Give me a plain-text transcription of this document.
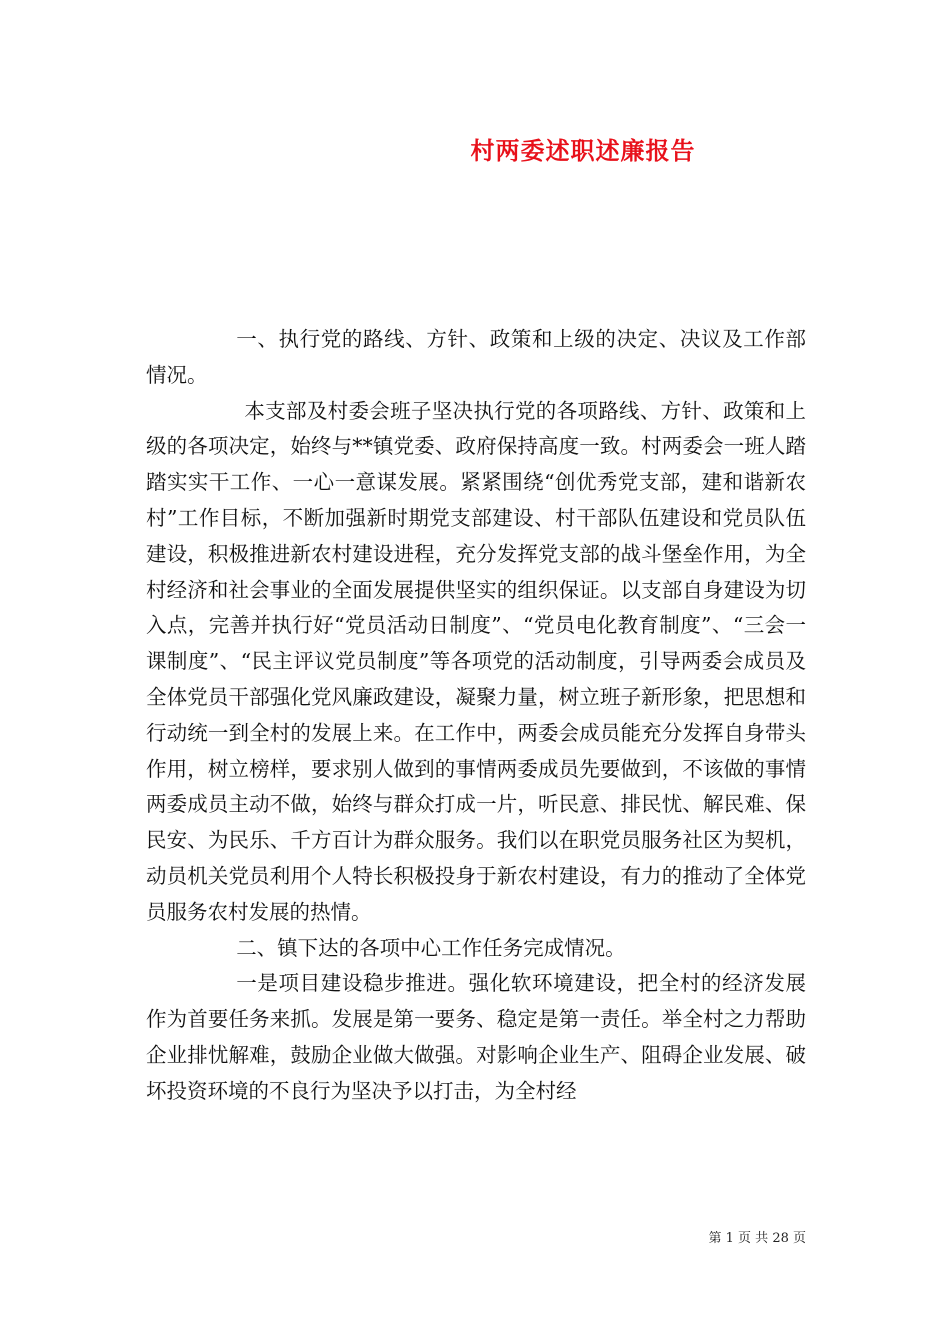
村两委述职述廉报告

一、执行党的路线、方针、政策和上级的决定、决议及工作部情况。

本支部及村委会班子坚决执行党的各项路线、方针、政策和上级的各项决定，始终与**镇党委、政府保持高度一致。村两委会一班人踏踏实实干工作、一心一意谋发展。紧紧围绕“创优秀党支部，建和谐新农村”工作目标，不断加强新时期党支部建设、村干部队伍建设和党员队伍建设，积极推进新农村建设进程，充分发挥党支部的战斗堡垒作用，为全村经济和社会事业的全面发展提供坚实的组织保证。以支部自身建设为切入点，完善并执行好“党员活动日制度”、“党员电化教育制度”、“三会一课制度”、“民主评议党员制度”等各项党的活动制度，引导两委会成员及全体党员干部强化党风廉政建设，凝聚力量，树立班子新形象，把思想和行动统一到全村的发展上来。在工作中，两委会成员能充分发挥自身带头作用，树立榜样，要求别人做到的事情两委成员先要做到，不该做的事情两委成员主动不做，始终与群众打成一片，听民意、排民忧、解民难、保民安、为民乐、千方百计为群众服务。我们以在职党员服务社区为契机，动员机关党员利用个人特长积极投身于新农村建设，有力的推动了全体党员服务农村发展的热情。

二、镇下达的各项中心工作任务完成情况。

一是项目建设稳步推进。强化软环境建设，把全村的经济发展作为首要任务来抓。发展是第一要务、稳定是第一责任。举全村之力帮助企业排忧解难，鼓励企业做大做强。对影响企业生产、阻碍企业发展、破坏投资环境的不良行为坚决予以打击，为全村经

第 1 页 共 28 页
